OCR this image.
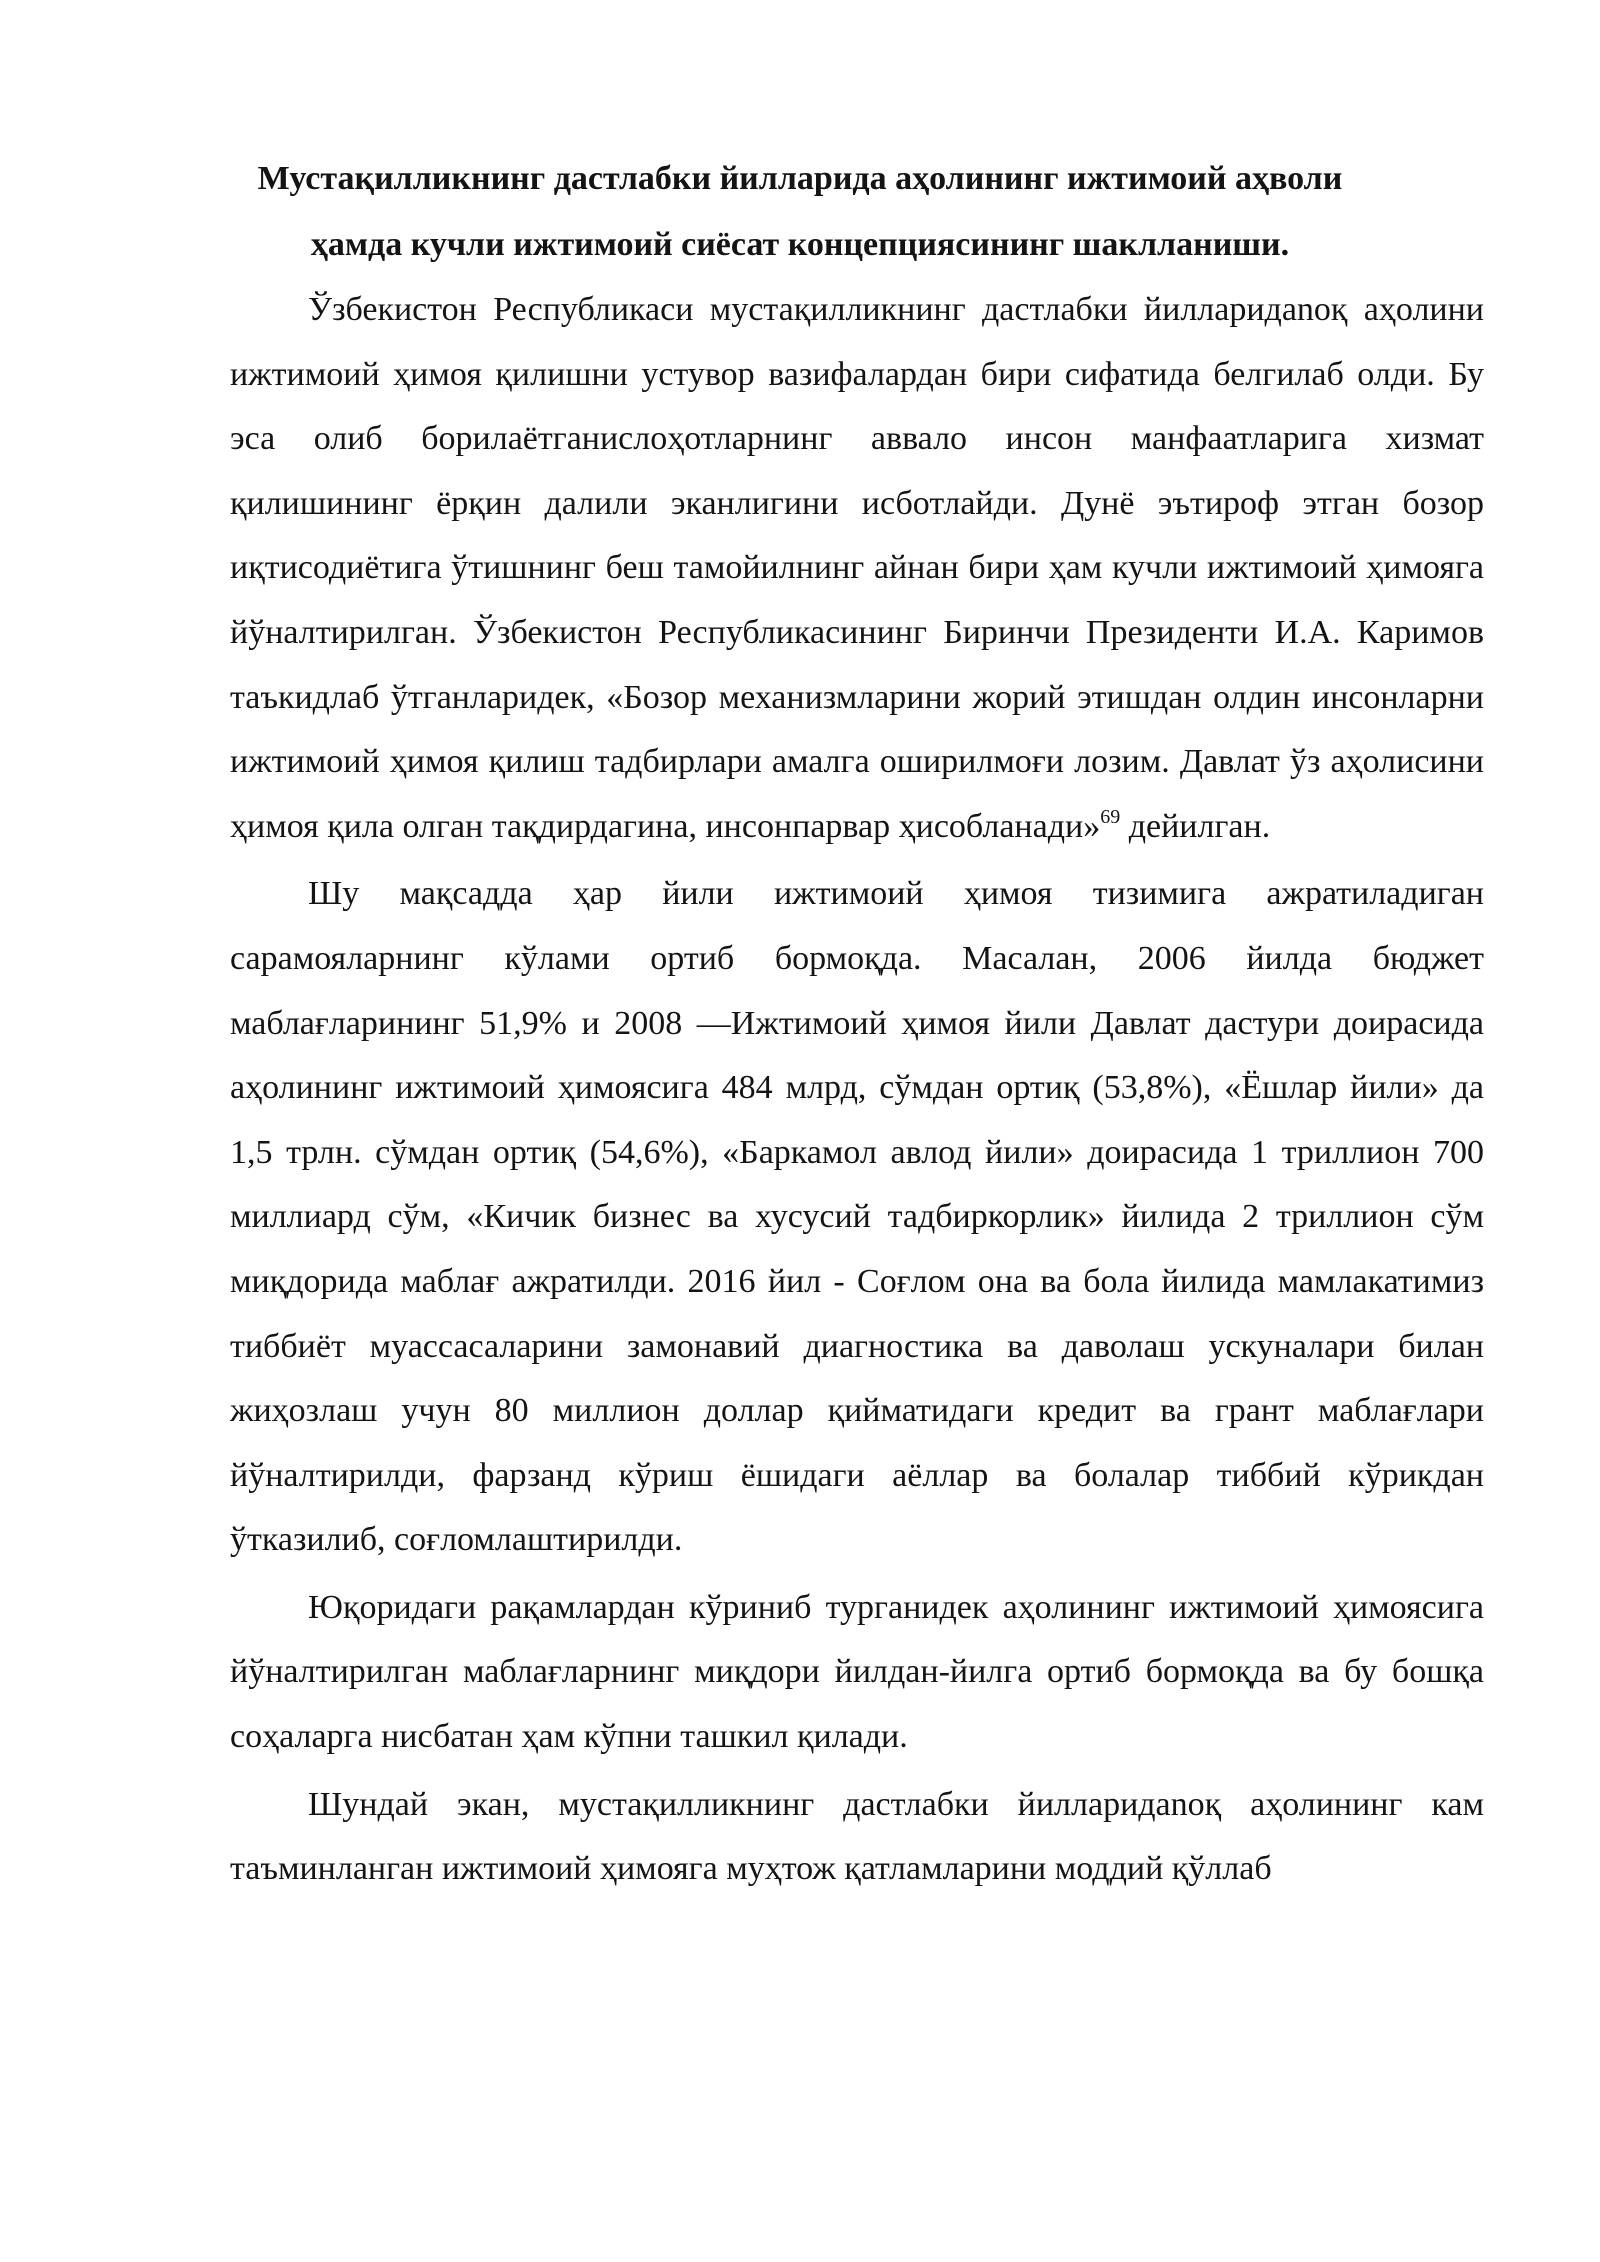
Мустақилликнинг дастлабки йилларида аҳолининг ижтимоий аҳволи
ҳамда кучли ижтимоий сиёсат концепциясининг шаклланиши.

Ўзбекистон Республикаси мустақилликнинг дастлабки йилларидаnоқ аҳолини ижтимоий ҳимоя қилишни устувор вазифалардан бири сифатида белгилаб олди. Бу эса олиб борилаётганислоҳотларнинг аввало инсон манфаатларига хизмат қилишининг ёрқин далили эканлигини исботлайди. Дунё эътироф этган бозор иқтисодиётига ўтишнинг беш тамойилнинг айнан бири ҳам кучли ижтимоий ҳимояга йўналтирилган. Ўзбекистон Республикасининг Биринчи Президенти И.А. Каримов таъкидлаб ўтганларидек, «Бозор механизмларини жорий этишдан олдин инсонларни ижтимоий ҳимоя қилиш тадбирлари амалга оширилмоғи лозим. Давлат ўз аҳолисини ҳимоя қила олган тақдирдагина, инсонпарвар ҳисобланади»$^{69}$ дейилган.

Шу мақсадда ҳар йили ижтимоий ҳимоя тизимига ажратиладиган сарамояларнинг кўлами ортиб бормоқда. Масалан, 2006 йилда бюджет маблағларининг 51,9% и 2008 ―Ижтимоий ҳимоя йили Давлат дастури доирасида аҳолининг ижтимоий ҳимоясига 484 млрд, сўмдан ортиқ (53,8%), «Ёшлар йили» да 1,5 трлн. сўмдан ортиқ (54,6%), «Баркамол авлод йили» доирасида 1 триллион 700 миллиард сўм, «Кичик бизнес ва хусусий тадбиркорлик» йилида 2 триллион сўм миқдорида маблағ ажратилди. 2016 йил - Соғлом она ва бола йилида мамлакатимиз тиббиёт муассасаларини замонавий диагностика ва даволаш ускуналари билан жиҳозлаш учун 80 миллион доллар қийматидаги кредит ва грант маблағлари йўналтирилди, фарзанд кўриш ёшидаги аёллар ва болалар тиббий кўрикдан ўтказилиб, соғломлаштирилди.

Юқоридаги рақамлардан кўриниб турганидек аҳолининг ижтимоий ҳимоясига йўналтирилган маблағларнинг миқдори йилдан-йилга ортиб бормоқда ва бу бошқа соҳаларга нисбатан ҳам кўпни ташкил қилади.

Шундай экан, мустақилликнинг дастлабки йилларидаnоқ аҳолининг кам таъминланган ижтимоий ҳимояга муҳтож қатламларини моддий қўллаб
